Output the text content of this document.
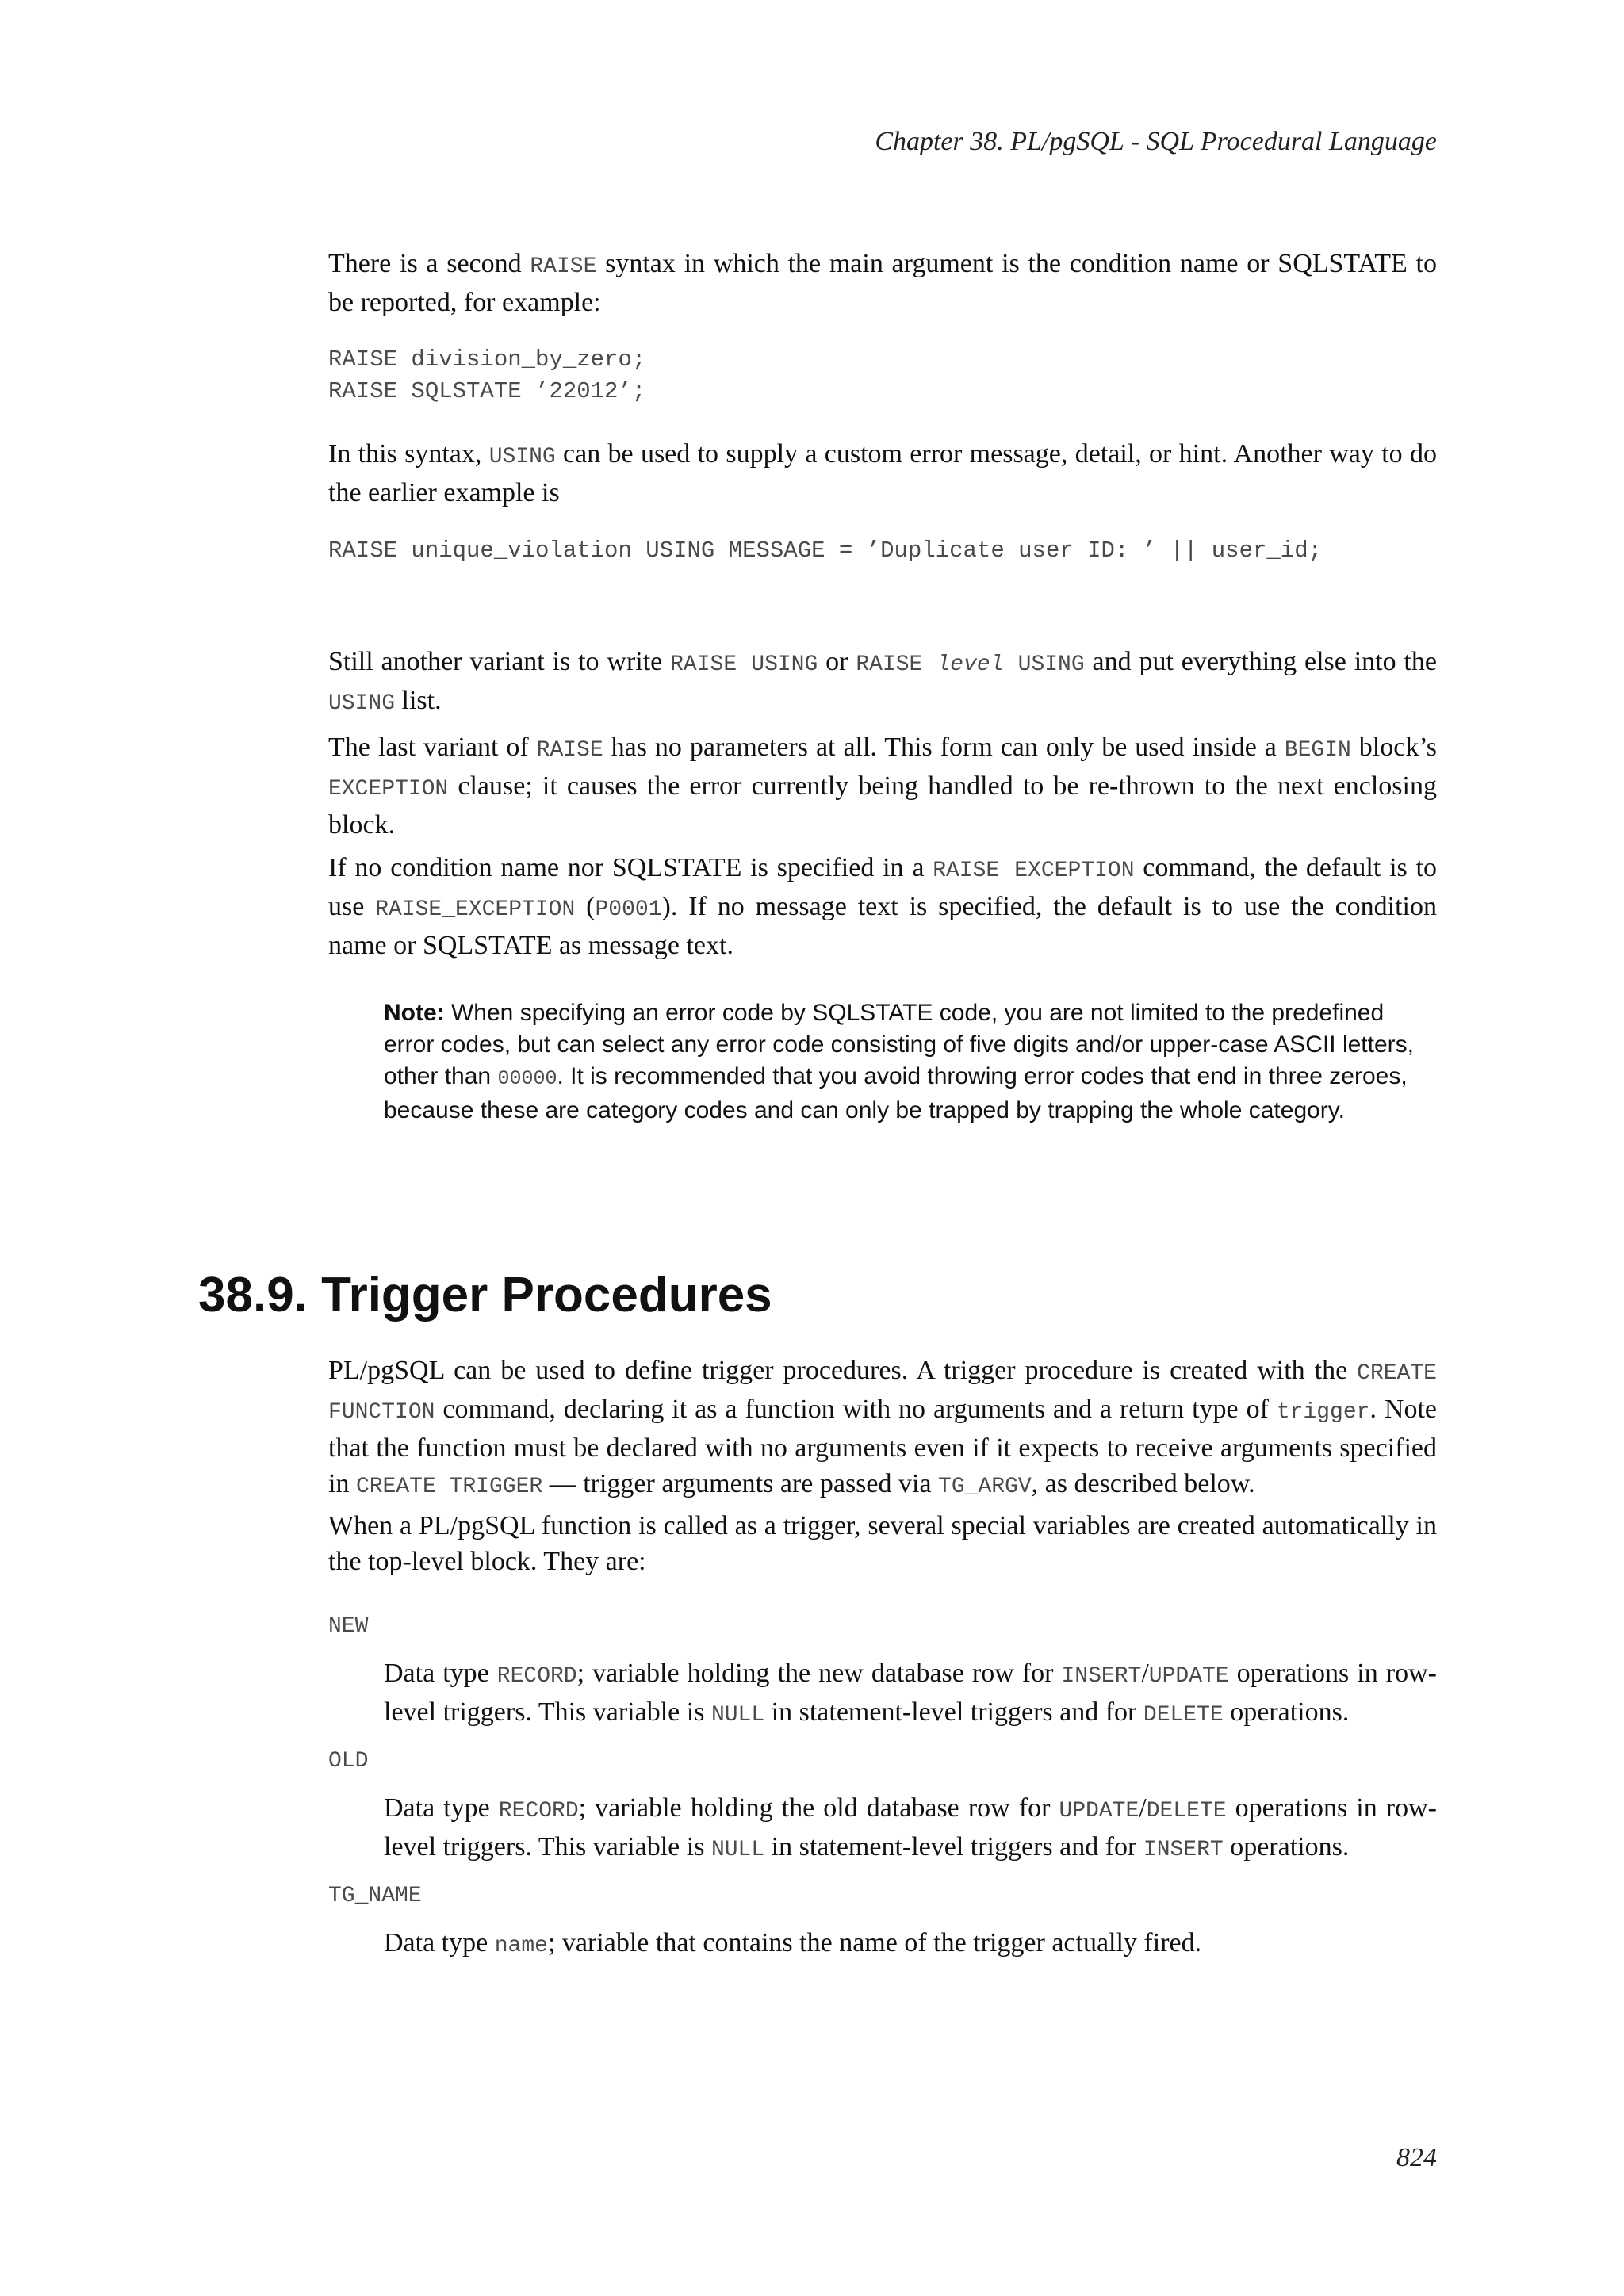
Chapter 38. PL/pgSQL - SQL Procedural Language

There is a second RAISE syntax in which the main argument is the condition name or SQLSTATE to be reported, for example:

RAISE division_by_zero;
RAISE SQLSTATE ’22012’;

In this syntax, USING can be used to supply a custom error message, detail, or hint. Another way to do the earlier example is

RAISE unique_violation USING MESSAGE = ’Duplicate user ID: ’ || user_id;

Still another variant is to write RAISE USING or RAISE level USING and put everything else into the USING list.

The last variant of RAISE has no parameters at all. This form can only be used inside a BEGIN block’s EXCEPTION clause; it causes the error currently being handled to be re-thrown to the next enclosing block.

If no condition name nor SQLSTATE is specified in a RAISE EXCEPTION command, the default is to use RAISE_EXCEPTION (P0001). If no message text is specified, the default is to use the condition name or SQLSTATE as message text.

Note: When specifying an error code by SQLSTATE code, you are not limited to the predefined error codes, but can select any error code consisting of five digits and/or upper-case ASCII letters, other than 00000. It is recommended that you avoid throwing error codes that end in three zeroes, because these are category codes and can only be trapped by trapping the whole category.
38.9. Trigger Procedures

PL/pgSQL can be used to define trigger procedures. A trigger procedure is created with the CREATE FUNCTION command, declaring it as a function with no arguments and a return type of trigger. Note that the function must be declared with no arguments even if it expects to receive arguments specified in CREATE TRIGGER — trigger arguments are passed via TG_ARGV, as described below.

When a PL/pgSQL function is called as a trigger, several special variables are created automatically in the top-level block. They are:

NEW

Data type RECORD; variable holding the new database row for INSERT/UPDATE operations in row-level triggers. This variable is NULL in statement-level triggers and for DELETE operations.

OLD

Data type RECORD; variable holding the old database row for UPDATE/DELETE operations in row-level triggers. This variable is NULL in statement-level triggers and for INSERT operations.

TG_NAME

Data type name; variable that contains the name of the trigger actually fired.

824
